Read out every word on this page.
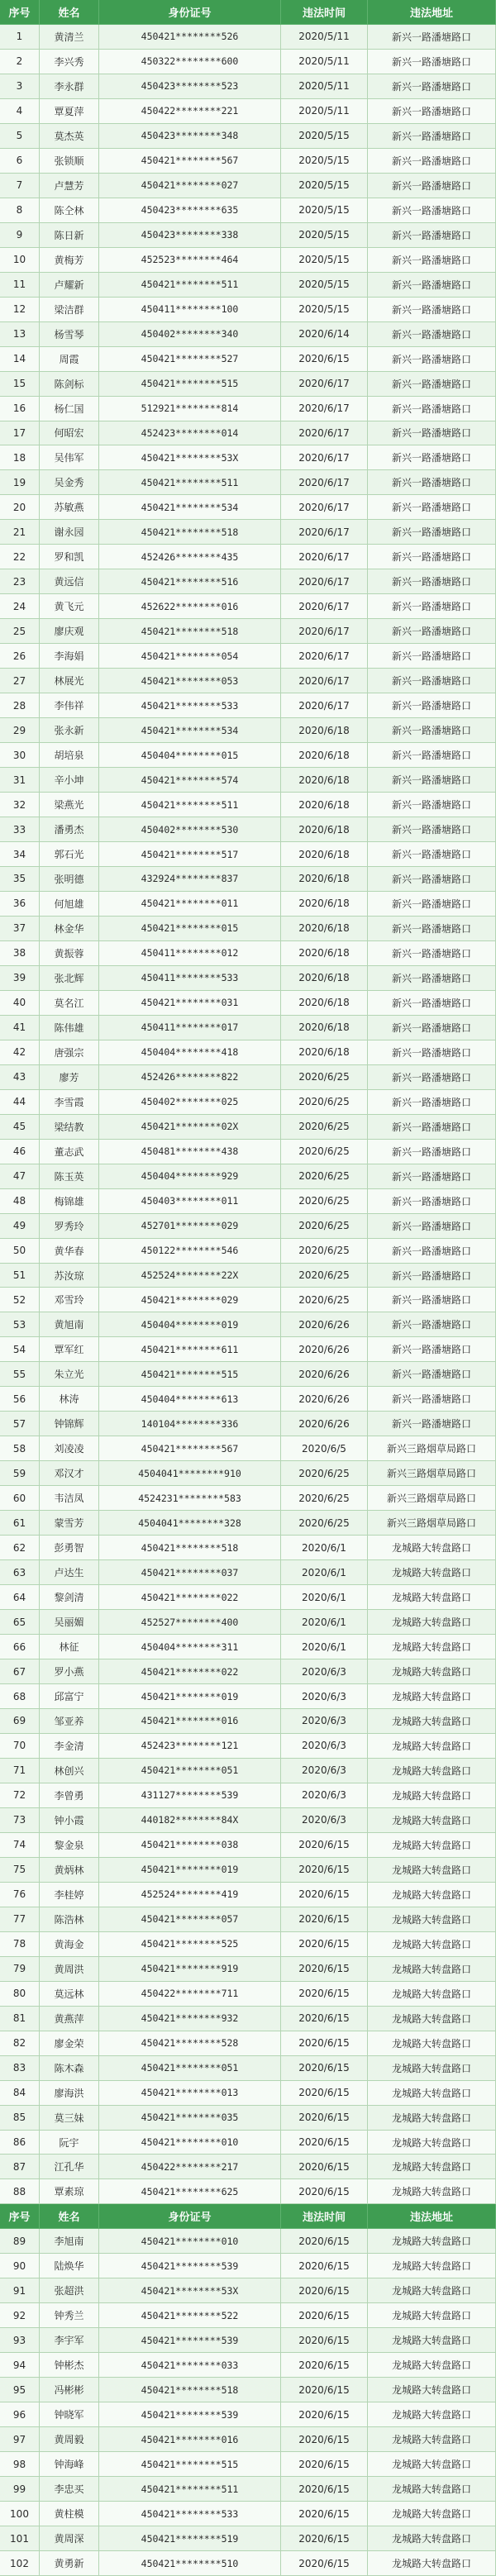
序号	姓名	身份证号	违法时间	违法地址
1	黄清兰	450421********526	2020/5/11	新兴一路潘塘路口
2	李兴秀	450322********600	2020/5/11	新兴一路潘塘路口
3	李永群	450423********523	2020/5/11	新兴一路潘塘路口
4	覃夏萍	450422********221	2020/5/11	新兴一路潘塘路口
5	莫杰英	450423********348	2020/5/15	新兴一路潘塘路口
6	张锁顺	450421********567	2020/5/15	新兴一路潘塘路口
7	卢慧芳	450421********027	2020/5/15	新兴一路潘塘路口
8	陈仝林	450423********635	2020/5/15	新兴一路潘塘路口
9	陈日新	450423********338	2020/5/15	新兴一路潘塘路口
10	黄梅芳	452523********464	2020/5/15	新兴一路潘塘路口
11	卢耀新	450421********511	2020/5/15	新兴一路潘塘路口
12	梁洁群	450411********100	2020/5/15	新兴一路潘塘路口
13	杨雪琴	450402********340	2020/6/14	新兴一路潘塘路口
14	周霞	450421********527	2020/6/15	新兴一路潘塘路口
15	陈剑标	450421********515	2020/6/17	新兴一路潘塘路口
16	杨仁国	512921********814	2020/6/17	新兴一路潘塘路口
17	何昭宏	452423********014	2020/6/17	新兴一路潘塘路口
18	吴伟军	450421********53X	2020/6/17	新兴一路潘塘路口
19	吴金秀	450421********511	2020/6/17	新兴一路潘塘路口
20	苏敏燕	450421********534	2020/6/17	新兴一路潘塘路口
21	谢永园	450421********518	2020/6/17	新兴一路潘塘路口
22	罗和凯	452426********435	2020/6/17	新兴一路潘塘路口
23	黄远信	450421********516	2020/6/17	新兴一路潘塘路口
24	黄飞元	452622********016	2020/6/17	新兴一路潘塘路口
25	廖庆观	450421********518	2020/6/17	新兴一路潘塘路口
26	李海娟	450421********054	2020/6/17	新兴一路潘塘路口
27	林展光	450421********053	2020/6/17	新兴一路潘塘路口
28	李伟祥	450421********533	2020/6/17	新兴一路潘塘路口
29	张永新	450421********534	2020/6/18	新兴一路潘塘路口
30	胡培泉	450404********015	2020/6/18	新兴一路潘塘路口
31	辛小坤	450421********574	2020/6/18	新兴一路潘塘路口
32	梁燕光	450421********511	2020/6/18	新兴一路潘塘路口
33	潘勇杰	450402********530	2020/6/18	新兴一路潘塘路口
34	郭石光	450421********517	2020/6/18	新兴一路潘塘路口
35	张明德	432924********837	2020/6/18	新兴一路潘塘路口
36	何旭雄	450421********011	2020/6/18	新兴一路潘塘路口
37	林金华	450421********015	2020/6/18	新兴一路潘塘路口
38	黄振蓉	450411********012	2020/6/18	新兴一路潘塘路口
39	张北辉	450411********533	2020/6/18	新兴一路潘塘路口
40	莫名江	450421********031	2020/6/18	新兴一路潘塘路口
41	陈伟雄	450411********017	2020/6/18	新兴一路潘塘路口
42	唐强宗	450404********418	2020/6/18	新兴一路潘塘路口
43	廖芳	452426********822	2020/6/25	新兴一路潘塘路口
44	李雪霞	450402********025	2020/6/25	新兴一路潘塘路口
45	梁结教	450421********02X	2020/6/25	新兴一路潘塘路口
46	董志武	450481********438	2020/6/25	新兴一路潘塘路口
47	陈玉英	450404********929	2020/6/25	新兴一路潘塘路口
48	梅锦雄	450403********011	2020/6/25	新兴一路潘塘路口
49	罗秀玲	452701********029	2020/6/25	新兴一路潘塘路口
50	黄华春	450122********546	2020/6/25	新兴一路潘塘路口
51	苏汝琼	452524********22X	2020/6/25	新兴一路潘塘路口
52	邓雪玲	450421********029	2020/6/25	新兴一路潘塘路口
53	黄旭南	450404********019	2020/6/26	新兴一路潘塘路口
54	覃军红	450421********611	2020/6/26	新兴一路潘塘路口
55	朱立光	450421********515	2020/6/26	新兴一路潘塘路口
56	林涛	450404********613	2020/6/26	新兴一路潘塘路口
57	钟锦辉	140104********336	2020/6/26	新兴一路潘塘路口
58	刘凌凌	450421********567	2020/6/5	新兴三路烟草局路口
59	邓汉才	4504041********910	2020/6/25	新兴三路烟草局路口
60	韦洁凤	4524231********583	2020/6/25	新兴三路烟草局路口
61	蒙雪芳	4504041********328	2020/6/25	新兴三路烟草局路口
62	彭勇智	450421********518	2020/6/1	龙城路大转盘路口
63	卢达生	450421********037	2020/6/1	龙城路大转盘路口
64	黎剑清	450421********022	2020/6/1	龙城路大转盘路口
65	吴丽媚	452527********400	2020/6/1	龙城路大转盘路口
66	林征	450404********311	2020/6/1	龙城路大转盘路口
67	罗小燕	450421********022	2020/6/3	龙城路大转盘路口
68	邱富宁	450421********019	2020/6/3	龙城路大转盘路口
69	邹亚养	450421********016	2020/6/3	龙城路大转盘路口
70	李金清	452423********121	2020/6/3	龙城路大转盘路口
71	林创兴	450421********051	2020/6/3	龙城路大转盘路口
72	李曾勇	431127********539	2020/6/3	龙城路大转盘路口
73	钟小霞	440182********84X	2020/6/3	龙城路大转盘路口
74	黎金泉	450421********038	2020/6/15	龙城路大转盘路口
75	黄炳林	450421********019	2020/6/15	龙城路大转盘路口
76	李桂婷	452524********419	2020/6/15	龙城路大转盘路口
77	陈浩林	450421********057	2020/6/15	龙城路大转盘路口
78	黄海金	450421********525	2020/6/15	龙城路大转盘路口
79	黄周洪	450421********919	2020/6/15	龙城路大转盘路口
80	莫远林	450422********711	2020/6/15	龙城路大转盘路口
81	黄燕萍	450421********932	2020/6/15	龙城路大转盘路口
82	廖金荣	450421********528	2020/6/15	龙城路大转盘路口
83	陈木森	450421********051	2020/6/15	龙城路大转盘路口
84	廖海洪	450421********013	2020/6/15	龙城路大转盘路口
85	莫三妹	450421********035	2020/6/15	龙城路大转盘路口
86	阮宇	450421********010	2020/6/15	龙城路大转盘路口
87	江孔华	450422********217	2020/6/15	龙城路大转盘路口
88	覃素琼	450421********625	2020/6/15	龙城路大转盘路口
序号	姓名	身份证号	违法时间	违法地址
89	李旭南	450421********010	2020/6/15	龙城路大转盘路口
90	陆焕华	450421********539	2020/6/15	龙城路大转盘路口
91	张超洪	450421********53X	2020/6/15	龙城路大转盘路口
92	钟秀兰	450421********522	2020/6/15	龙城路大转盘路口
93	李宇军	450421********539	2020/6/15	龙城路大转盘路口
94	钟彬杰	450421********033	2020/6/15	龙城路大转盘路口
95	冯彬彬	450421********518	2020/6/15	龙城路大转盘路口
96	钟晓军	450421********539	2020/6/15	龙城路大转盘路口
97	黄周毅	450421********016	2020/6/15	龙城路大转盘路口
98	钟海峰	450421********515	2020/6/15	龙城路大转盘路口
99	李忠买	450421********511	2020/6/15	龙城路大转盘路口
100	黄柱模	450421********533	2020/6/15	龙城路大转盘路口
101	黄周深	450421********519	2020/6/15	龙城路大转盘路口
102	黄勇新	450421********510	2020/6/15	龙城路大转盘路口
